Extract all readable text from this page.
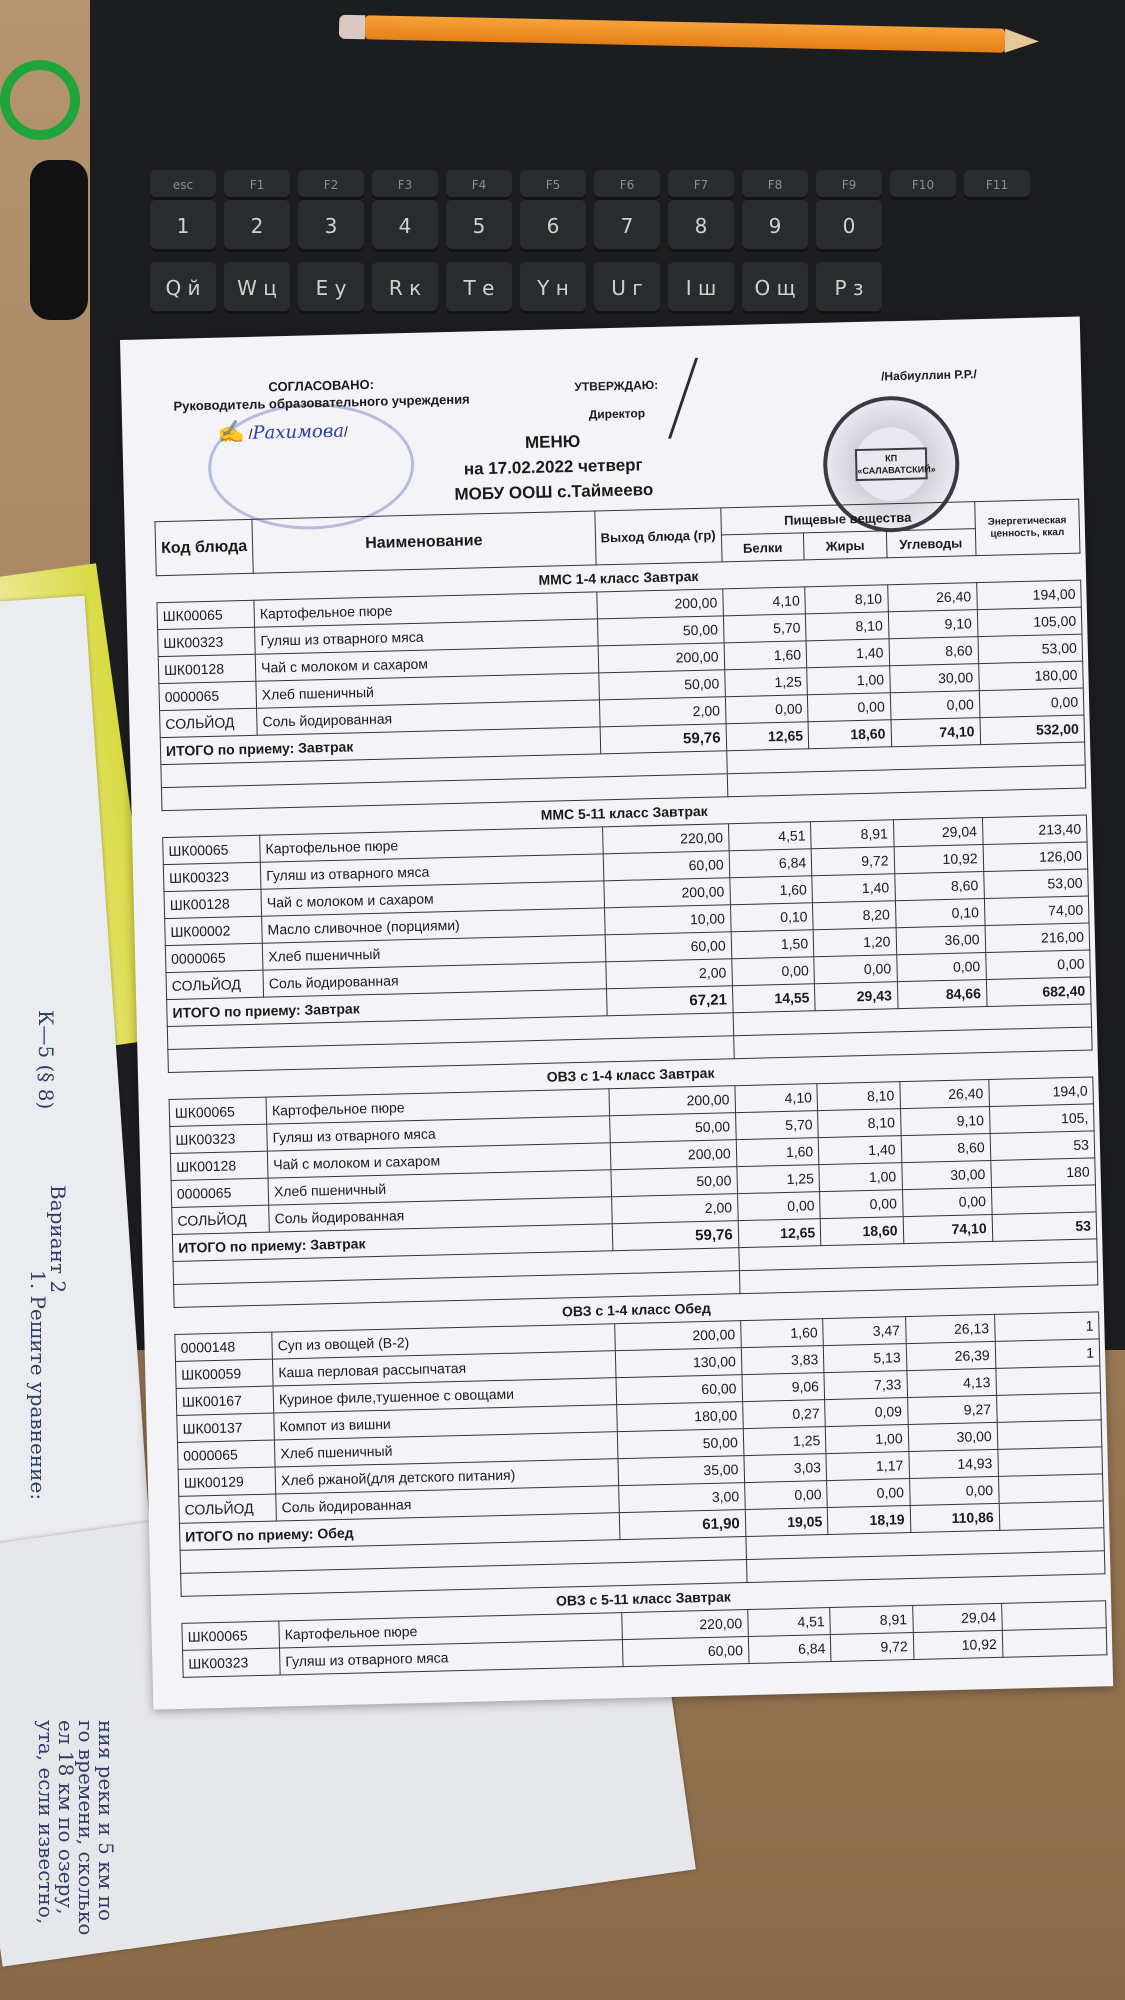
esc	F1	F2	F3	F4	F5	F6	F7	F8	F9	F10	F11
1	2	3	4	5	6	7	8	9	0
Q й	W ц	E у	R к	T е	Y н	U г	I ш	O щ	P з
К—5 (§ 8)
Вариант 2
1. Решите уравнение:
ния реки и 5 км по
го времени, сколько
ел 18 км по озеру,
ута, если известно,
СОГЛАСОВАНО:
Руководитель образовательного учреждения
✍ /Рахимова/
УТВЕРЖДАЮ:
Директор
/Набиуллин Р.Р./
КП «САЛАВАТСКИЙ»
МЕНЮ
на 17.02.2022 четверг
МОБУ ООШ с.Таймеево
Код блюда	Наименование	Выход блюда (гр)	Пищевые вещества			Энергетическая ценность, ккал
			Белки	Жиры	Углеводы	
ММС 1-4 класс Завтрак						
ШК00065	Картофельное пюре	200,00	4,10	8,10	26,40	194,00
ШК00323	Гуляш из отварного мяса	50,00	5,70	8,10	9,10	105,00
ШК00128	Чай с молоком и сахаром	200,00	1,60	1,40	8,60	53,00
0000065	Хлеб пшеничный	50,00	1,25	1,00	30,00	180,00
СОЛЬЙОД	Соль йодированная	2,00	0,00	0,00	0,00	0,00
ИТОГО по приему: Завтрак		59,76	12,65	18,60	74,10	532,00

ММС 5-11 класс Завтрак						
ШК00065	Картофельное пюре	220,00	4,51	8,91	29,04	213,40
ШК00323	Гуляш из отварного мяса	60,00	6,84	9,72	10,92	126,00
ШК00128	Чай с молоком и сахаром	200,00	1,60	1,40	8,60	53,00
ШК00002	Масло сливочное (порциями)	10,00	0,10	8,20	0,10	74,00
0000065	Хлеб пшеничный	60,00	1,50	1,20	36,00	216,00
СОЛЬЙОД	Соль йодированная	2,00	0,00	0,00	0,00	0,00
ИТОГО по приему: Завтрак		67,21	14,55	29,43	84,66	682,40

ОВЗ с 1-4 класс Завтрак						
ШК00065	Картофельное пюре	200,00	4,10	8,10	26,40	194,0
ШК00323	Гуляш из отварного мяса	50,00	5,70	8,10	9,10	105,
ШК00128	Чай с молоком и сахаром	200,00	1,60	1,40	8,60	53
0000065	Хлеб пшеничный	50,00	1,25	1,00	30,00	180
СОЛЬЙОД	Соль йодированная	2,00	0,00	0,00	0,00	
ИТОГО по приему: Завтрак		59,76	12,65	18,60	74,10	53

ОВЗ с 1-4 класс Обед						
0000148	Суп из овощей (В-2)	200,00	1,60	3,47	26,13	1
ШК00059	Каша перловая рассыпчатая	130,00	3,83	5,13	26,39	1
ШК00167	Куриное филе,тушенное с овощами	60,00	9,06	7,33	4,13	
ШК00137	Компот из вишни	180,00	0,27	0,09	9,27	
0000065	Хлеб пшеничный	50,00	1,25	1,00	30,00	
ШК00129	Хлеб ржаной(для детского питания)	35,00	3,03	1,17	14,93	
СОЛЬЙОД	Соль йодированная	3,00	0,00	0,00	0,00	
ИТОГО по приему: Обед		61,90	19,05	18,19	110,86	

ОВЗ с 5-11 класс Завтрак						
ШК00065	Картофельное пюре	220,00	4,51	8,91	29,04	
ШК00323	Гуляш из отварного мяса	60,00	6,84	9,72	10,92	
